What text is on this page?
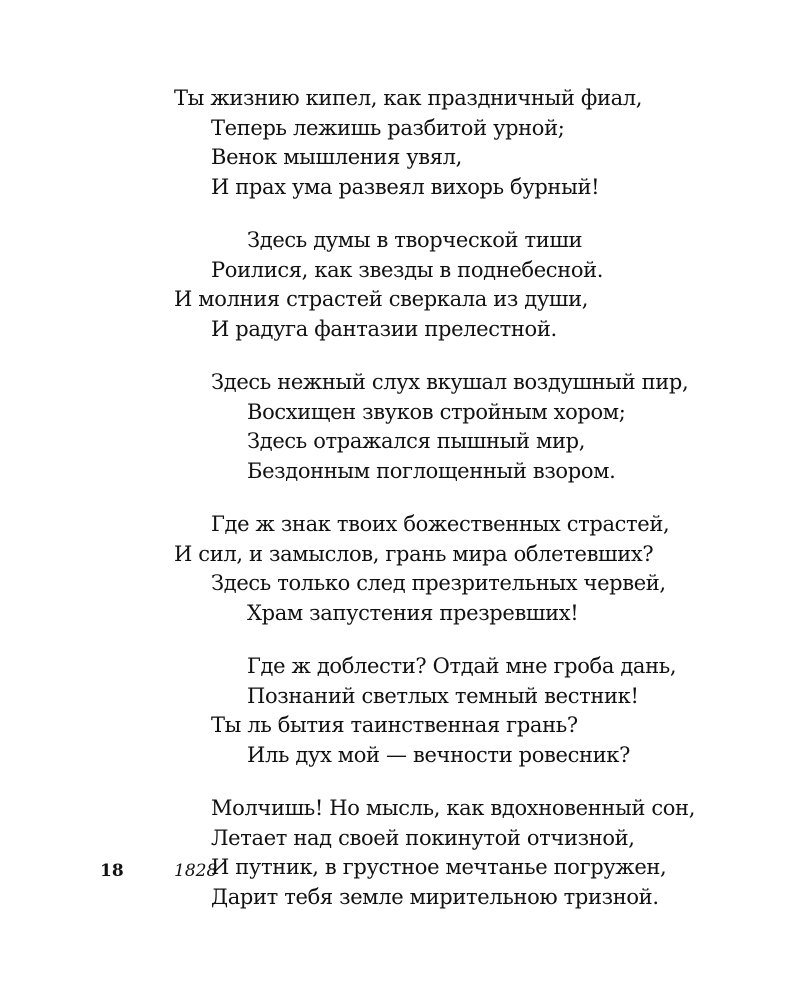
Ты жизнию кипел, как праздничный фиал,
Теперь лежишь разбитой урной;
Венок мышления увял,
И прах ума развеял вихорь бурный!
Здесь думы в творческой тиши
Роилися, как звезды в поднебесной.
И молния страстей сверкала из души,
И радуга фантазии прелестной.
Здесь нежный слух вкушал воздушный пир,
Восхищен звуков стройным хором;
Здесь отражался пышный мир,
Бездонным поглощенный взором.
Где ж знак твоих божественных страстей,
И сил, и замыслов, грань мира облетевших?
Здесь только след презрительных червей,
Храм запустения презревших!
Где ж доблести? Отдай мне гроба дань,
Познаний светлых темный вестник!
Ты ль бытия таинственная грань?
Иль дух мой — вечности ровесник?
Молчишь! Но мысль, как вдохновенный сон,
Летает над своей покинутой отчизной,
И путник, в грустное мечтанье погружен,
Дарит тебя земле мирительною тризной.
18	1828
